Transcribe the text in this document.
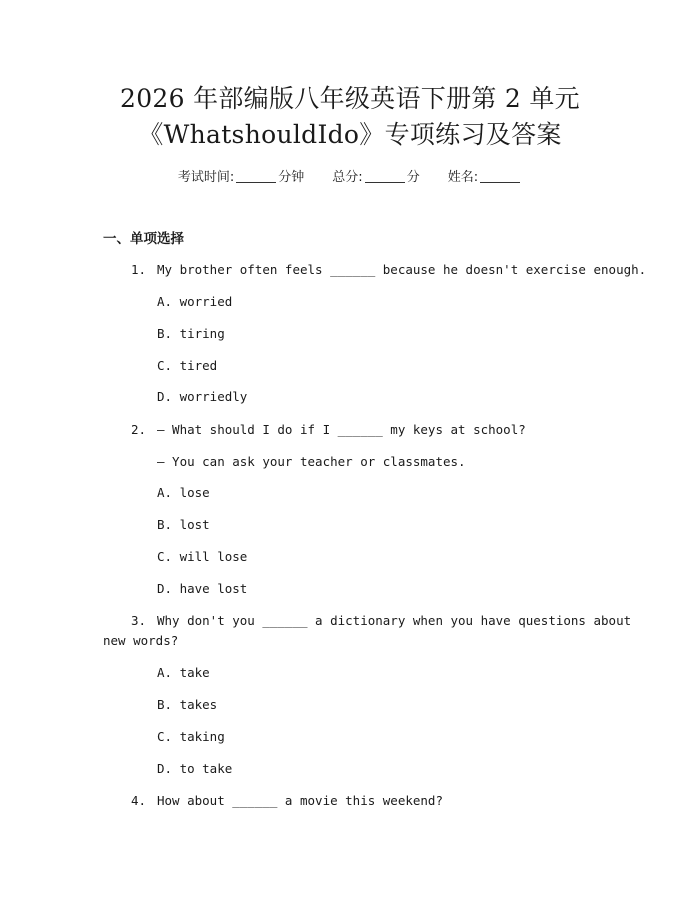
2026 年部编版八年级英语下册第 2 单元
《WhatshouldIdo》专项练习及答案
考试时间:	分钟 总分:	分 姓名:
一、单项选择
1. My brother often feels ______ because he doesn't exercise enough.
A. worried
B. tiring
C. tired
D. worriedly
2. — What should I do if I ______ my keys at school?
— You can ask your teacher or classmates.
A. lose
B. lost
C. will lose
D. have lost
3. Why don't you ______ a dictionary when you have questions about
new words?
A. take
B. takes
C. taking
D. to take
4. How about ______ a movie this weekend?
